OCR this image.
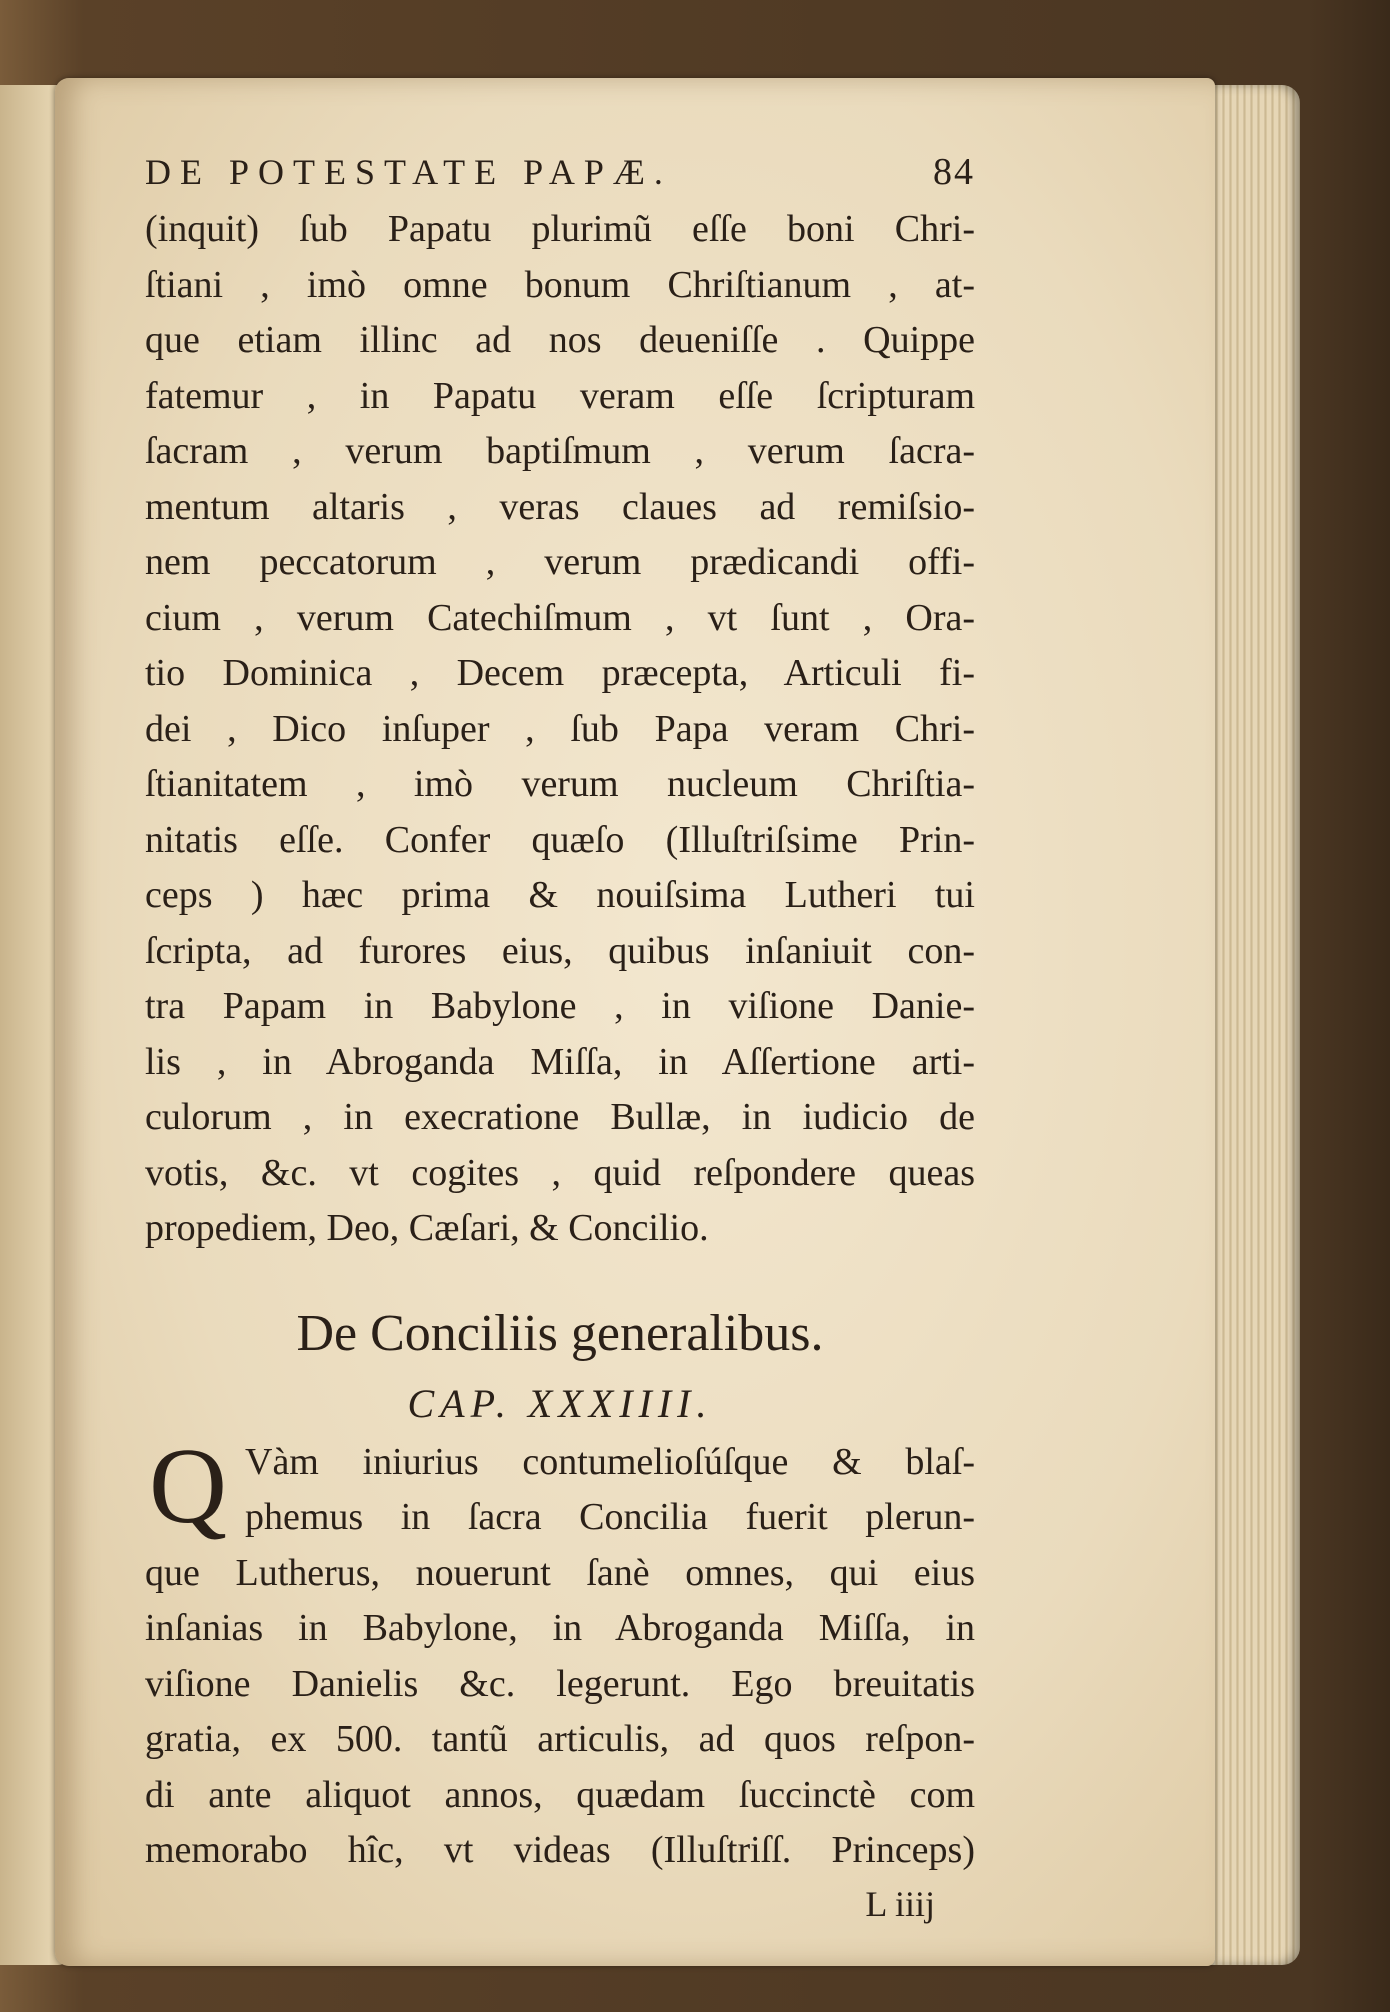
DE POTESTATE PAPÆ.	84
(inquit) ſub Papatu plurimũ eſſe boni Chri-
ſtiani , imò omne bonum Chriſtianum , at-
que etiam illinc ad nos deueniſſe . Quippe
fatemur , in Papatu veram eſſe ſcripturam
ſacram , verum baptiſmum , verum ſacra-
mentum altaris , veras claues ad remiſsio-
nem peccatorum , verum prædicandi offi-
cium , verum Catechiſmum , vt ſunt , Ora-
tio Dominica , Decem præcepta, Articuli fi-
dei , Dico inſuper , ſub Papa veram Chri-
ſtianitatem , imò verum nucleum Chriſtia-
nitatis eſſe. Confer quæſo (Illuſtriſsime Prin-
ceps ) hæc prima & nouiſsima Lutheri tui
ſcripta, ad furores eius, quibus inſaniuit con-
tra Papam in Babylone , in viſione Danie-
lis , in Abroganda Miſſa, in Aſſertione arti-
culorum , in execratione Bullæ, in iudicio de
votis, &c. vt cogites , quid reſpondere queas
propediem, Deo, Cæſari, & Concilio.
De Conciliis generalibus.
CAP. XXXIIII.
Q Vàm iniurius contumelioſúſque & blaſ-
phemus in ſacra Concilia fuerit plerun-
que Lutherus, nouerunt ſanè omnes, qui eius
inſanias in Babylone, in Abroganda Miſſa, in
viſione Danielis &c. legerunt. Ego breuitatis
gratia, ex 500. tantũ articulis, ad quos reſpon-
di ante aliquot annos, quædam ſuccinctè com
memorabo hîc, vt videas (Illuſtriſſ. Princeps)
L iiij
